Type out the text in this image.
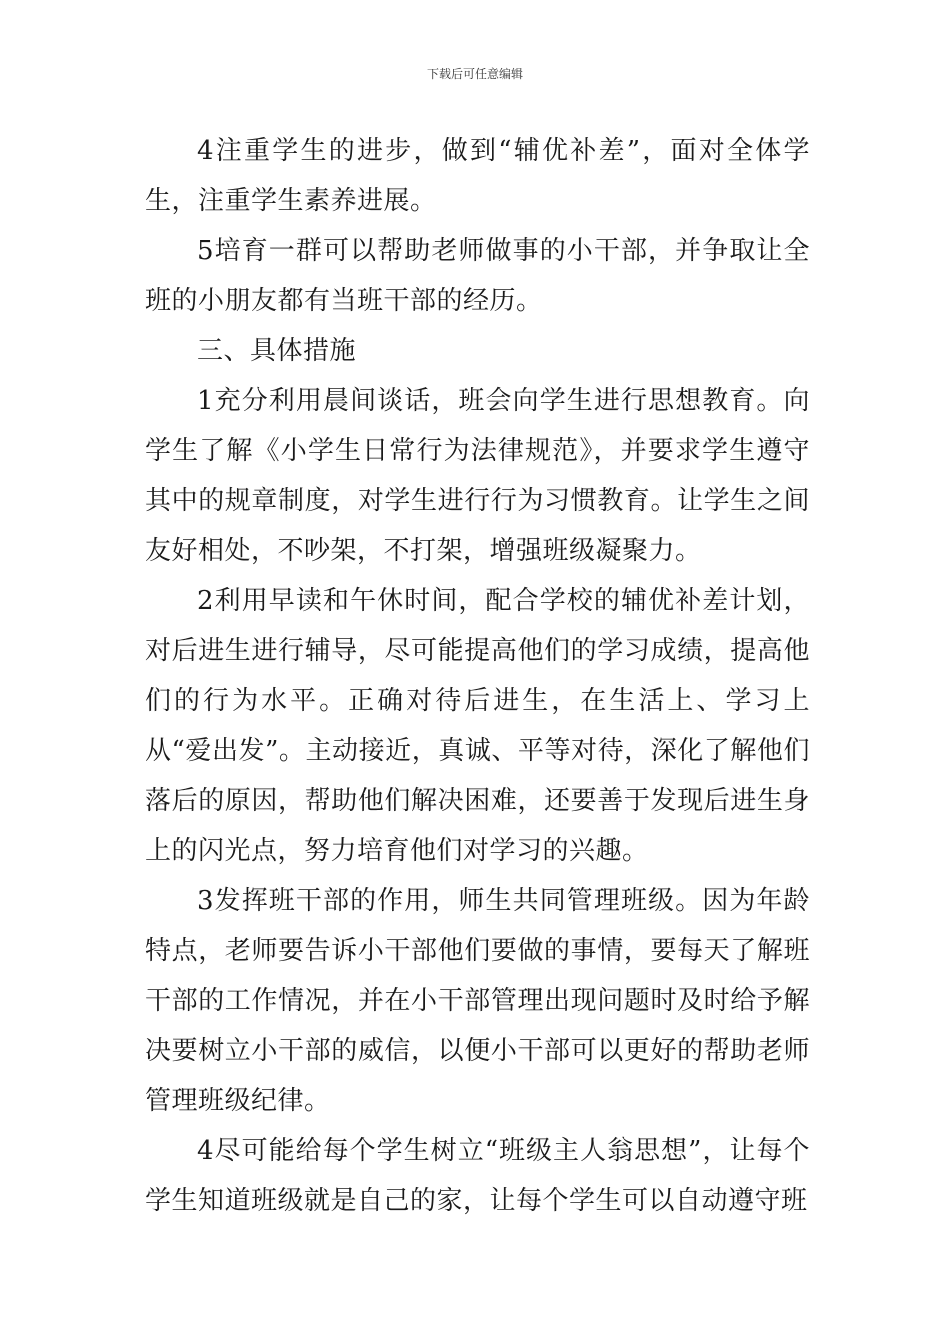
下载后可任意编辑

4注重学生的进步，做到“辅优补差”，面对全体学生，注重学生素养进展。

5培育一群可以帮助老师做事的小干部，并争取让全班的小朋友都有当班干部的经历。

三、具体措施

1充分利用晨间谈话，班会向学生进行思想教育。向学生了解《小学生日常行为法律规范》，并要求学生遵守其中的规章制度，对学生进行行为习惯教育。让学生之间友好相处，不吵架，不打架，增强班级凝聚力。

2利用早读和午休时间，配合学校的辅优补差计划，对后进生进行辅导，尽可能提高他们的学习成绩，提高他们的行为水平。正确对待后进生，在生活上、学习上从“爱出发”。主动接近，真诚、平等对待，深化了解他们落后的原因，帮助他们解决困难，还要善于发现后进生身上的闪光点，努力培育他们对学习的兴趣。

3发挥班干部的作用，师生共同管理班级。因为年龄特点，老师要告诉小干部他们要做的事情，要每天了解班干部的工作情况，并在小干部管理出现问题时及时给予解决要树立小干部的威信，以便小干部可以更好的帮助老师管理班级纪律。

4尽可能给每个学生树立“班级主人翁思想”，让每个学生知道班级就是自己的家，让每个学生可以自动遵守班
